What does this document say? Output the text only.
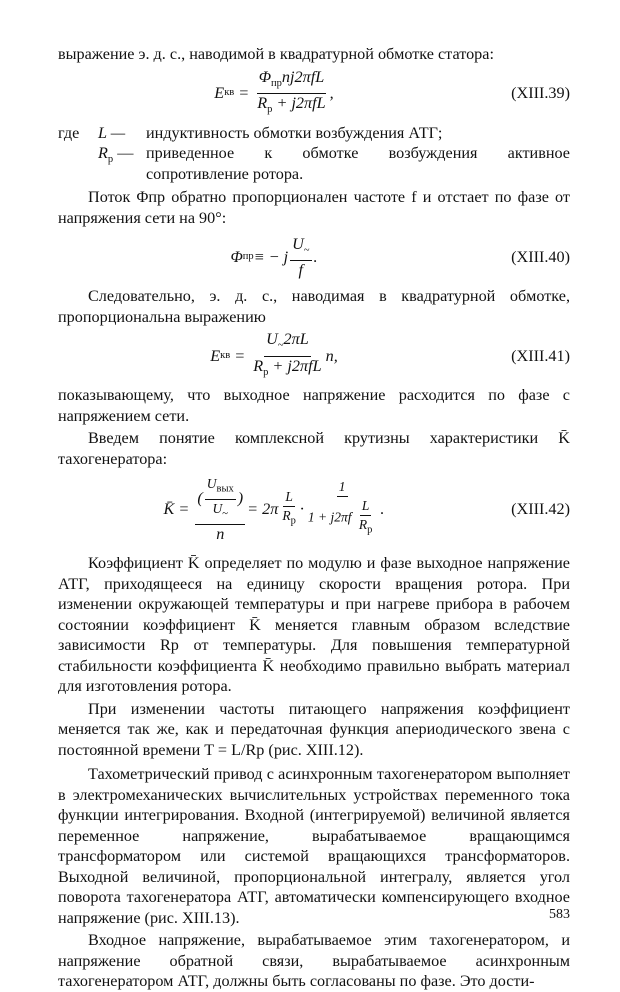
выражение э. д. с., наводимой в квадратурной обмотке статора:

E кв = $\frac{\Phi_{пр}nj2\pi fL}{R_р + j2\pi fL}$ ,	(XIII.39)
где	L —	индуктивность обмотки возбуждения АТГ;
$R_р$ — приведенное к обмотке возбуждения активное сопротивление ротора.

Поток Φпр обратно пропорционален частоте f и отстает по фазе от напряжения сети на 90°:

Φ пр ≡ − j $\frac{U_\sim}{f}$ .	(XIII.40)

Следовательно, э. д. с., наводимая в квадратурной обмотке, пропорциональна выражению

E кв = $\frac{U_\sim 2\pi L}{R_р + j2\pi fL} n$,	(XIII.41)

показывающему, что выходное напряжение расходится по фазе с напряжением сети.

Введем понятие комплексной крутизны характеристики K̄ тахогенератора:

K̄ = $\frac{( \frac{U_{вых}}{U_\sim} )}{n} = 2\pi \frac{L}{R_р} \cdot \frac{1}{1 + j2\pi f \frac{L}{R_р}}$ .	(XIII.42)

Коэффициент K̄ определяет по модулю и фазе выходное напряжение АТГ, приходящееся на единицу скорости вращения ротора. При изменении окружающей температуры и при нагреве прибора в рабочем состоянии коэффициент K̄ меняется главным образом вследствие зависимости Rр от температуры. Для повышения температурной стабильности коэффициента K̄ необходимо правильно выбрать материал для изготовления ротора.

При изменении частоты питающего напряжения коэффициент меняется так же, как и передаточная функция апериодического звена с постоянной времени T = L/Rр (рис. XIII.12).

Тахометрический привод с асинхронным тахогенератором выполняет в электромеханических вычислительных устройствах переменного тока функции интегрирования. Входной (интегрируемой) величиной является переменное напряжение, вырабатываемое вращающимся трансформатором или системой вращающихся трансформаторов. Выходной величиной, пропорциональной интегралу, является угол поворота тахогенератора АТГ, автоматически компенсирующего входное напряжение (рис. XIII.13).

Входное напряжение, вырабатываемое этим тахогенератором, и напряжение обратной связи, вырабатываемое асинхронным тахогенератором АТГ, должны быть согласованы по фазе. Это дости-

583
